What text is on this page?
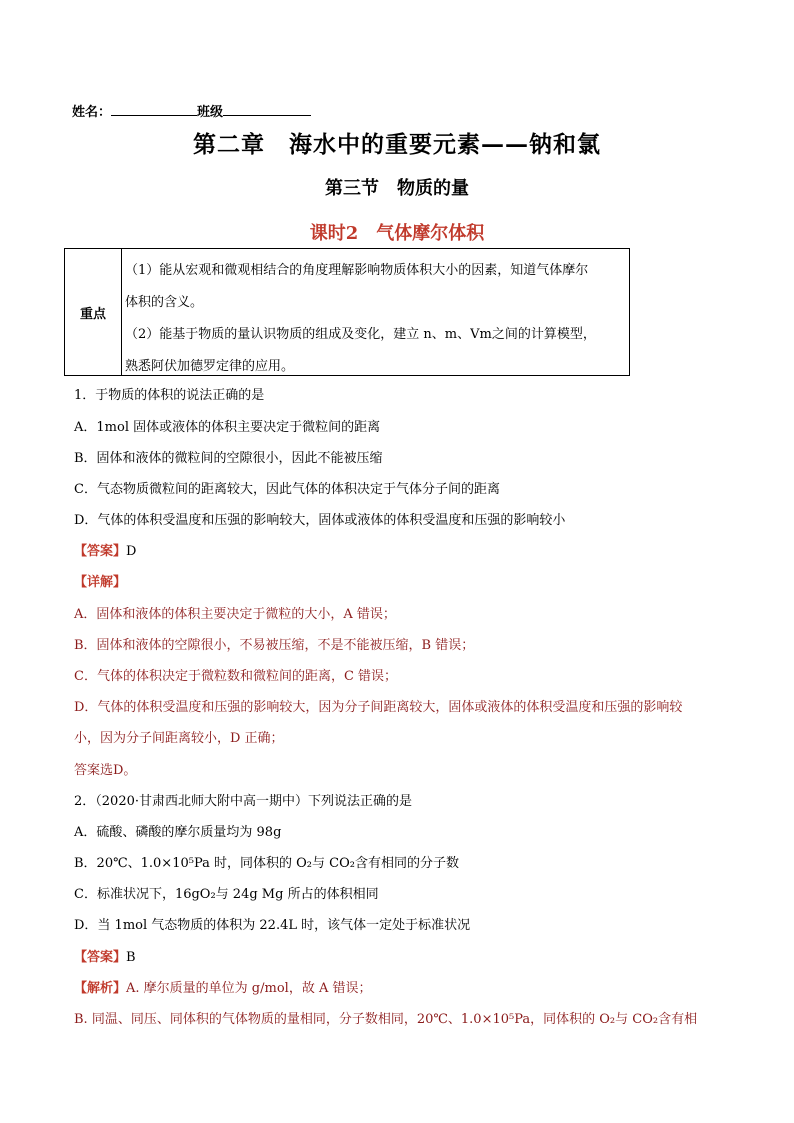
姓名：	班级
第二章　海水中的重要元素——钠和氯
第三节　物质的量
课时2　气体摩尔体积
重点
（1）能从宏观和微观相结合的角度理解影响物质体积大小的因素，知道气体摩尔
体积的含义。
（2）能基于物质的量认识物质的组成及变化，建立 n、m、Vm之间的计算模型，
熟悉阿伏加德罗定律的应用。
1．于物质的体积的说法正确的是
A．1mol 固体或液体的体积主要决定于微粒间的距离
B．固体和液体的微粒间的空隙很小，因此不能被压缩
C．气态物质微粒间的距离较大，因此气体的体积决定于气体分子间的距离
D．气体的体积受温度和压强的影响较大，固体或液体的体积受温度和压强的影响较小
【答案】D
【详解】
A．固体和液体的体积主要决定于微粒的大小，A 错误；
B．固体和液体的空隙很小，不易被压缩，不是不能被压缩，B 错误；
C．气体的体积决定于微粒数和微粒间的距离，C 错误；
D．气体的体积受温度和压强的影响较大，因为分子间距离较大，固体或液体的体积受温度和压强的影响较
小，因为分子间距离较小，D 正确；
答案选D。
2．（2020·甘肃西北师大附中高一期中）下列说法正确的是
A．硫酸、磷酸的摩尔质量均为 98g
B．20℃、1.0×10⁵Pa 时，同体积的 O₂与 CO₂含有相同的分子数
C．标准状况下，16gO₂与 24g Mg 所占的体积相同
D．当 1mol 气态物质的体积为 22.4L 时，该气体一定处于标准状况
【答案】B
【解析】A. 摩尔质量的单位为 g/mol，故 A 错误；
B. 同温、同压、同体积的气体物质的量相同，分子数相同，20℃、1.0×10⁵Pa，同体积的 O₂与 CO₂含有相
